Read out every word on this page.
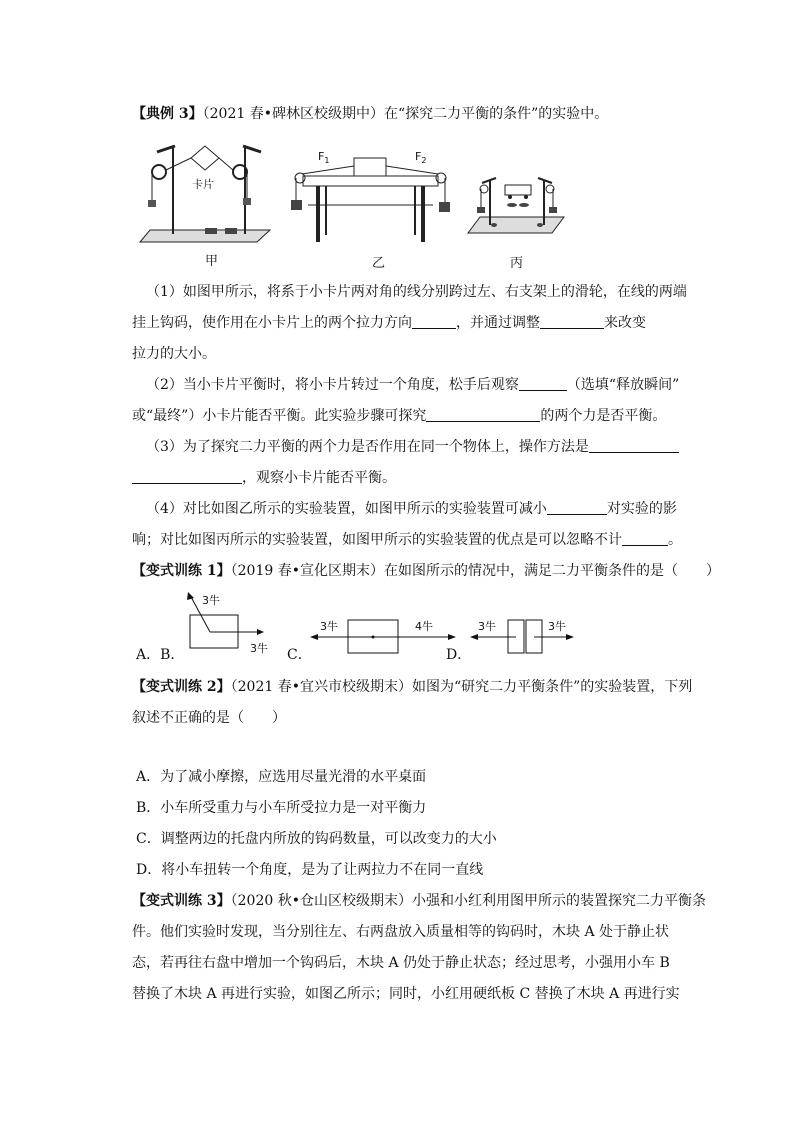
【典例 3】（2021 春•碑林区校级期中）在“探究二力平衡的条件”的实验中。
卡片
甲
$F_1$	$F_2$
乙	丙
（1）如图甲所示，将系于小卡片两对角的线分别跨过左、右支架上的滑轮，在线的两端
挂上钩码，使作用在小卡片上的两个拉力方向	，并通过调整	来改变
拉力的大小。
（2）当小卡片平衡时，将小卡片转过一个角度，松手后观察	（选填“释放瞬间”
或“最终”）小卡片能否平衡。此实验步骤可探究	的两个力是否平衡。
（3）为了探究二力平衡的两个力是否作用在同一个物体上，操作方法是
，观察小卡片能否平衡。
（4）对比如图乙所示的实验装置，如图甲所示的实验装置可减小	对实验的影
响；对比如图丙所示的实验装置，如图甲所示的实验装置的优点是可以忽略不计	。
【变式训练 1】（2019 春•宣化区期末）在如图所示的情况中，满足二力平衡条件的是（　　）
3牛
3牛
A．B．
3牛	4牛
C．
3牛	3牛
D．
【变式训练 2】（2021 春•宜兴市校级期末）如图为“研究二力平衡条件”的实验装置，下列
叙述不正确的是（　　）
A．为了减小摩擦，应选用尽量光滑的水平桌面
B．小车所受重力与小车所受拉力是一对平衡力
C．调整两边的托盘内所放的钩码数量，可以改变力的大小
D．将小车扭转一个角度，是为了让两拉力不在同一直线
【变式训练 3】（2020 秋•仓山区校级期末）小强和小红利用图甲所示的装置探究二力平衡条
件。他们实验时发现，当分别往左、右两盘放入质量相等的钩码时，木块 A 处于静止状
态，若再往右盘中增加一个钩码后，木块 A 仍处于静止状态；经过思考，小强用小车 B
替换了木块 A 再进行实验，如图乙所示；同时，小红用硬纸板 C 替换了木块 A 再进行实
